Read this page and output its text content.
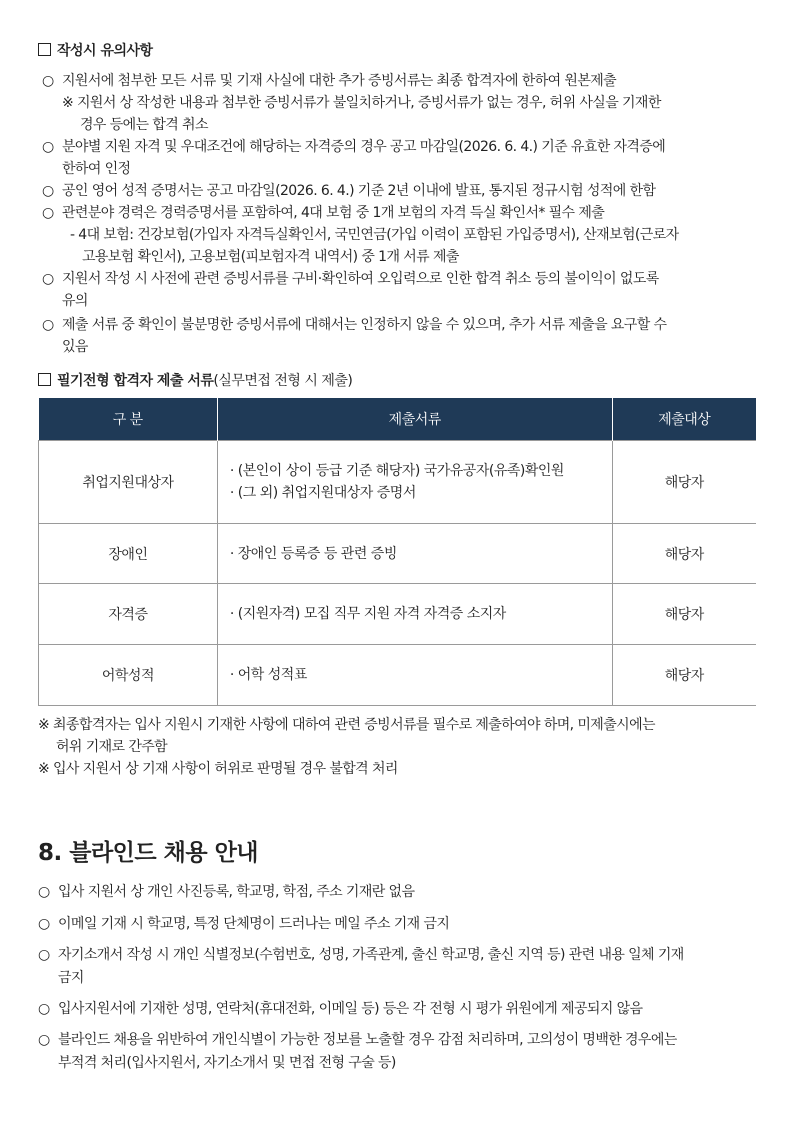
작성시 유의사항
○ 지원서에 첨부한 모든 서류 및 기재 사실에 대한 추가 증빙서류는 최종 합격자에 한하여 원본제출
※ 지원서 상 작성한 내용과 첨부한 증빙서류가 불일치하거나, 증빙서류가 없는 경우, 허위 사실을 기재한
경우 등에는 합격 취소
○ 분야별 지원 자격 및 우대조건에 해당하는 자격증의 경우 공고 마감일(2026. 6. 4.) 기준 유효한 자격증에
한하여 인정
○ 공인 영어 성적 증명서는 공고 마감일(2026. 6. 4.) 기준 2년 이내에 발표, 통지된 정규시험 성적에 한함
○ 관련분야 경력은 경력증명서를 포함하여, 4대 보험 중 1개 보험의 자격 득실 확인서* 필수 제출
- 4대 보험: 건강보험(가입자 자격득실확인서, 국민연금(가입 이력이 포함된 가입증명서), 산재보험(근로자
고용보험 확인서), 고용보험(피보험자격 내역서) 중 1개 서류 제출
○ 지원서 작성 시 사전에 관련 증빙서류를 구비·확인하여 오입력으로 인한 합격 취소 등의 불이익이 없도록
유의
○ 제출 서류 중 확인이 불분명한 증빙서류에 대해서는 인정하지 않을 수 있으며, 추가 서류 제출을 요구할 수
있음
필기전형 합격자 제출 서류(실무면접 전형 시 제출)
구 분	제출서류	제출대상
취업지원대상자	· (본인이 상이 등급 기준 해당자) 국가유공자(유족)확인원
· (그 외) 취업지원대상자 증명서	해당자
장애인	· 장애인 등록증 등 관련 증빙	해당자
자격증	· (지원자격) 모집 직무 지원 자격 자격증 소지자	해당자
어학성적	· 어학 성적표	해당자
※ 최종합격자는 입사 지원시 기재한 사항에 대하여 관련 증빙서류를 필수로 제출하여야 하며, 미제출시에는
허위 기재로 간주함
※ 입사 지원서 상 기재 사항이 허위로 판명될 경우 불합격 처리
8. 블라인드 채용 안내
○ 입사 지원서 상 개인 사진등록, 학교명, 학점, 주소 기재란 없음
○ 이메일 기재 시 학교명, 특정 단체명이 드러나는 메일 주소 기재 금지
○ 자기소개서 작성 시 개인 식별정보(수험번호, 성명, 가족관계, 출신 학교명, 출신 지역 등) 관련 내용 일체 기재
금지
○ 입사지원서에 기재한 성명, 연락처(휴대전화, 이메일 등) 등은 각 전형 시 평가 위원에게 제공되지 않음
○ 블라인드 채용을 위반하여 개인식별이 가능한 정보를 노출할 경우 감점 처리하며, 고의성이 명백한 경우에는
부적격 처리(입사지원서, 자기소개서 및 면접 전형 구술 등)
